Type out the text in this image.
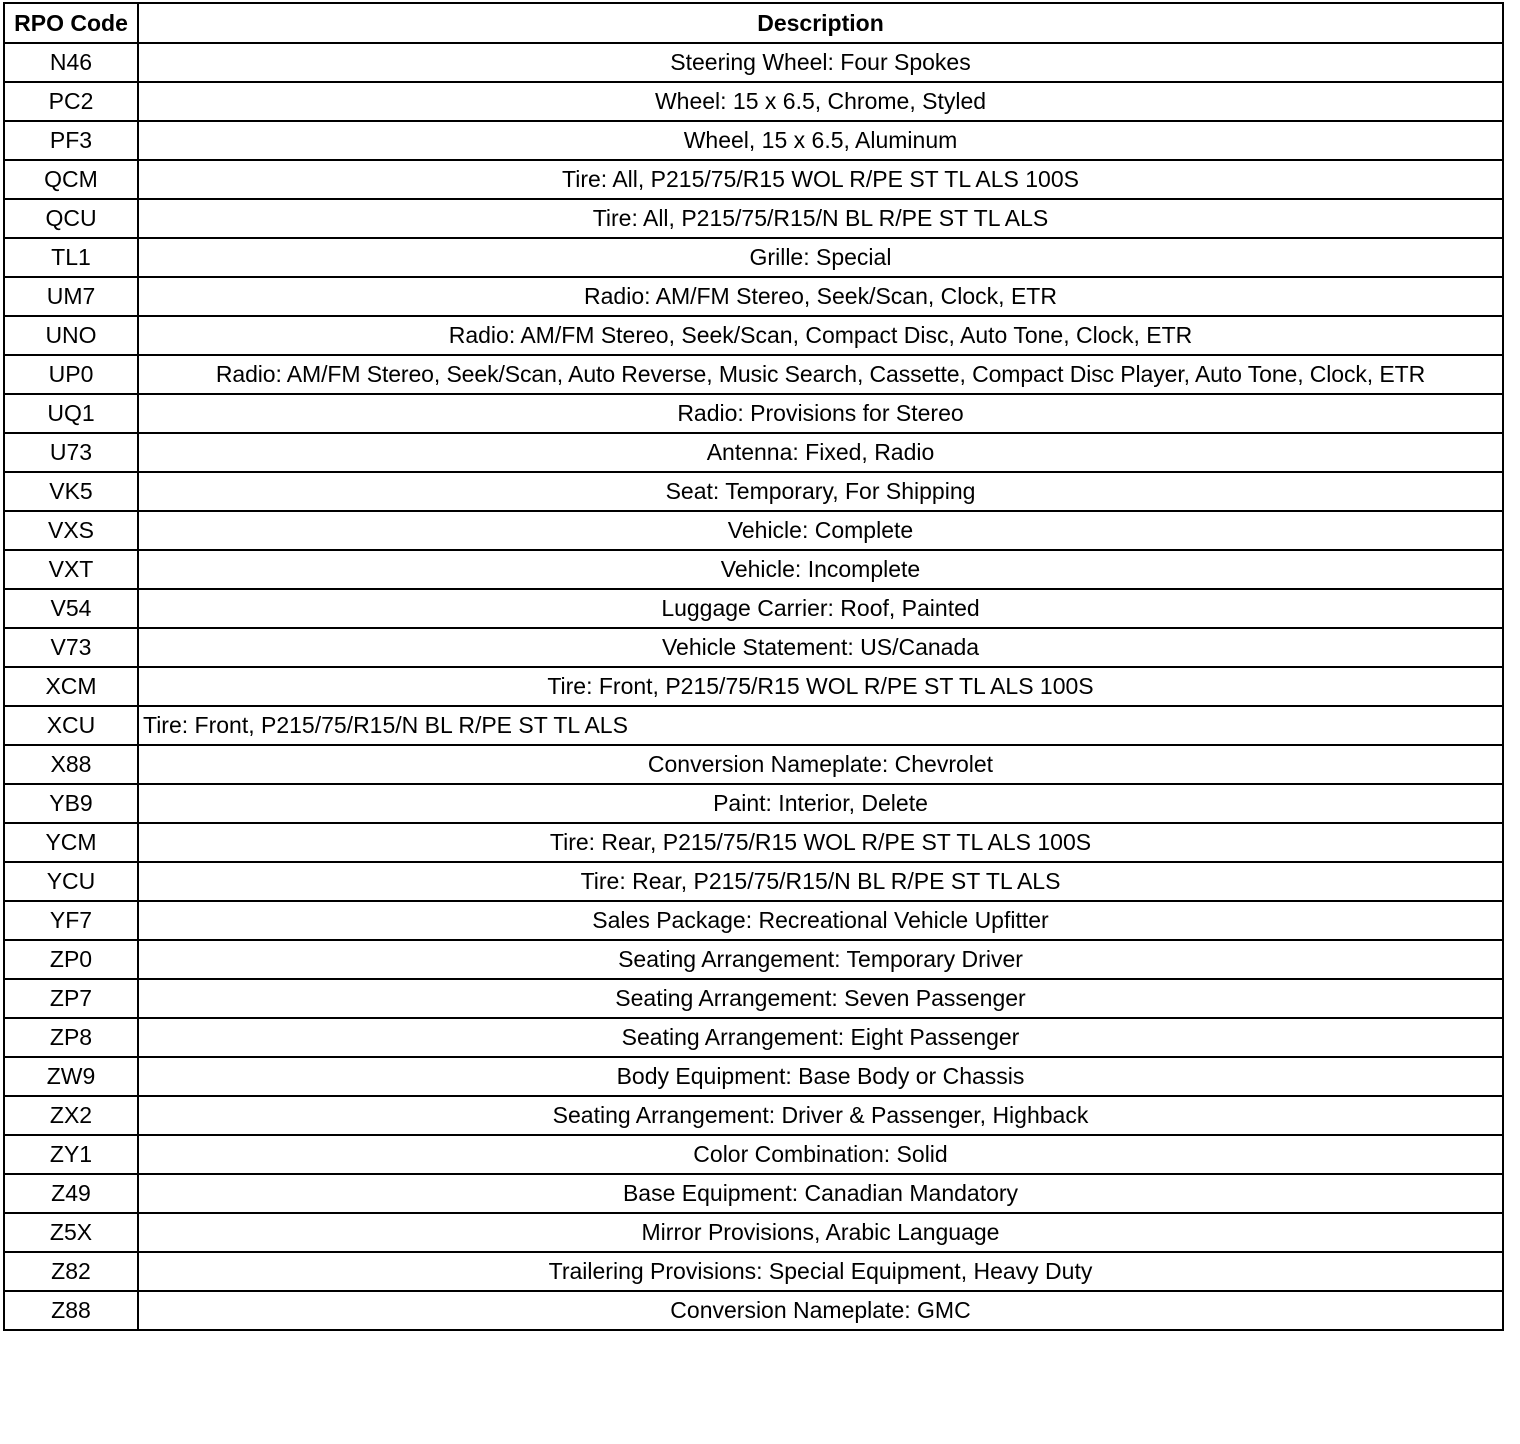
RPO Code	Description
N46	Steering Wheel: Four Spokes
PC2	Wheel: 15 x 6.5, Chrome, Styled
PF3	Wheel, 15 x 6.5, Aluminum
QCM	Tire: All, P215/75/R15 WOL R/PE ST TL ALS 100S
QCU	Tire: All, P215/75/R15/N BL R/PE ST TL ALS
TL1	Grille: Special
UM7	Radio: AM/FM Stereo, Seek/Scan, Clock, ETR
UNO	Radio: AM/FM Stereo, Seek/Scan, Compact Disc, Auto Tone, Clock, ETR
UP0	Radio: AM/FM Stereo, Seek/Scan, Auto Reverse, Music Search, Cassette, Compact Disc Player, Auto Tone, Clock, ETR
UQ1	Radio: Provisions for Stereo
U73	Antenna: Fixed, Radio
VK5	Seat: Temporary, For Shipping
VXS	Vehicle: Complete
VXT	Vehicle: Incomplete
V54	Luggage Carrier: Roof, Painted
V73	Vehicle Statement: US/Canada
XCM	Tire: Front, P215/75/R15 WOL R/PE ST TL ALS 100S
XCU	Tire: Front, P215/75/R15/N BL R/PE ST TL ALS
X88	Conversion Nameplate: Chevrolet
YB9	Paint: Interior, Delete
YCM	Tire: Rear, P215/75/R15 WOL R/PE ST TL ALS 100S
YCU	Tire: Rear, P215/75/R15/N BL R/PE ST TL ALS
YF7	Sales Package: Recreational Vehicle Upfitter
ZP0	Seating Arrangement: Temporary Driver
ZP7	Seating Arrangement: Seven Passenger
ZP8	Seating Arrangement: Eight Passenger
ZW9	Body Equipment: Base Body or Chassis
ZX2	Seating Arrangement: Driver & Passenger, Highback
ZY1	Color Combination: Solid
Z49	Base Equipment: Canadian Mandatory
Z5X	Mirror Provisions, Arabic Language
Z82	Trailering Provisions: Special Equipment, Heavy Duty
Z88	Conversion Nameplate: GMC
